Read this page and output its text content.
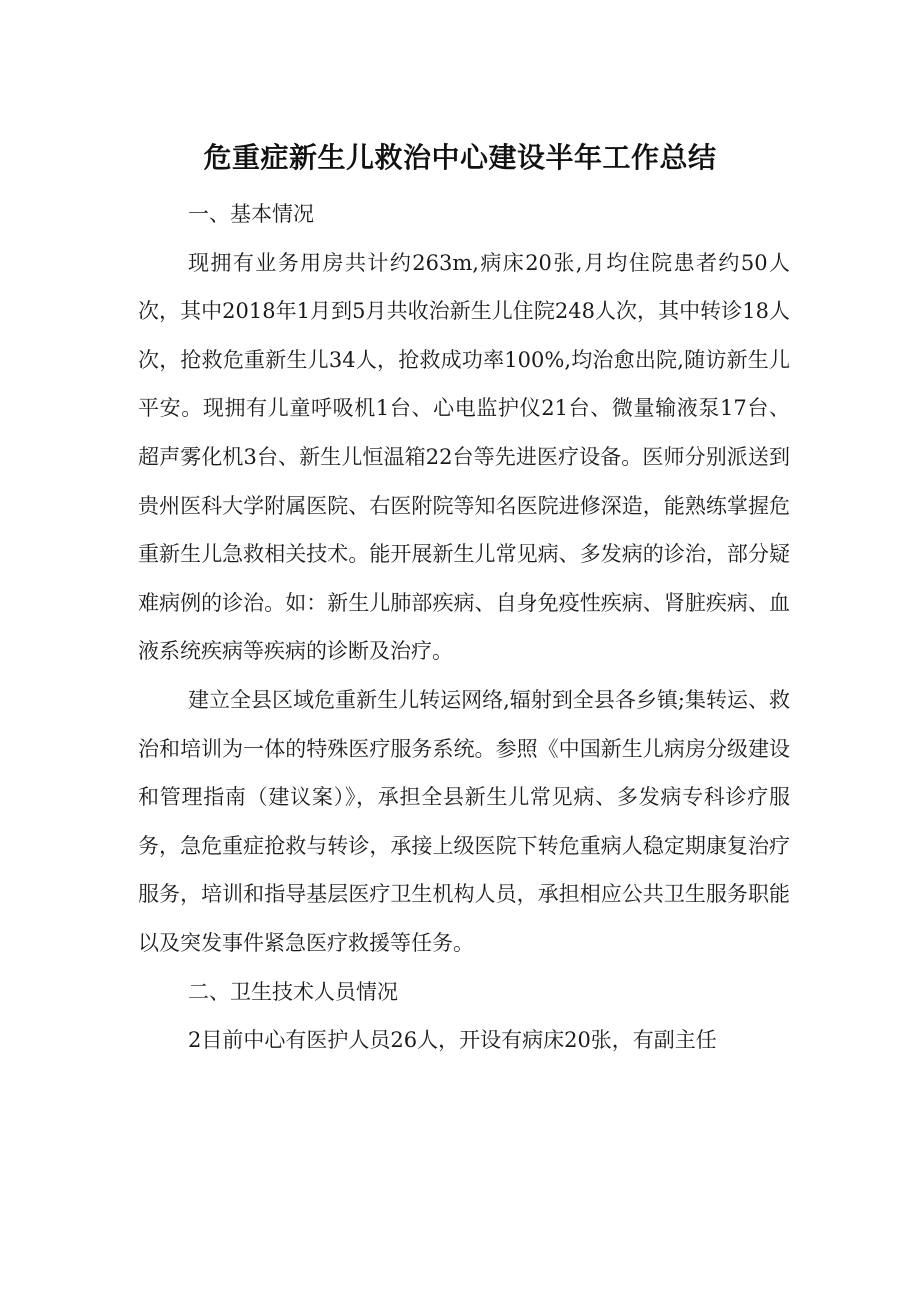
危重症新生儿救治中心建设半年工作总结

一、基本情况

现拥有业务用房共计约263m,病床20张,月均住院患者约50人次，其中2018年1月到5月共收治新生儿住院248人次，其中转诊18人次，抢救危重新生儿34人，抢救成功率100%,均治愈出院,随访新生儿平安。现拥有儿童呼吸机1台、心电监护仪21台、微量输液泵17台、超声雾化机3台、新生儿恒温箱22台等先进医疗设备。医师分别派送到贵州医科大学附属医院、右医附院等知名医院进修深造，能熟练掌握危重新生儿急救相关技术。能开展新生儿常见病、多发病的诊治，部分疑难病例的诊治。如：新生儿肺部疾病、自身免疫性疾病、肾脏疾病、血液系统疾病等疾病的诊断及治疗。

建立全县区域危重新生儿转运网络,辐射到全县各乡镇;集转运、救治和培训为一体的特殊医疗服务系统。参照《中国新生儿病房分级建设和管理指南（建议案）》，承担全县新生儿常见病、多发病专科诊疗服务，急危重症抢救与转诊，承接上级医院下转危重病人稳定期康复治疗服务，培训和指导基层医疗卫生机构人员，承担相应公共卫生服务职能以及突发事件紧急医疗救援等任务。

二、卫生技术人员情况

2目前中心有医护人员26人，开设有病床20张，有副主任
